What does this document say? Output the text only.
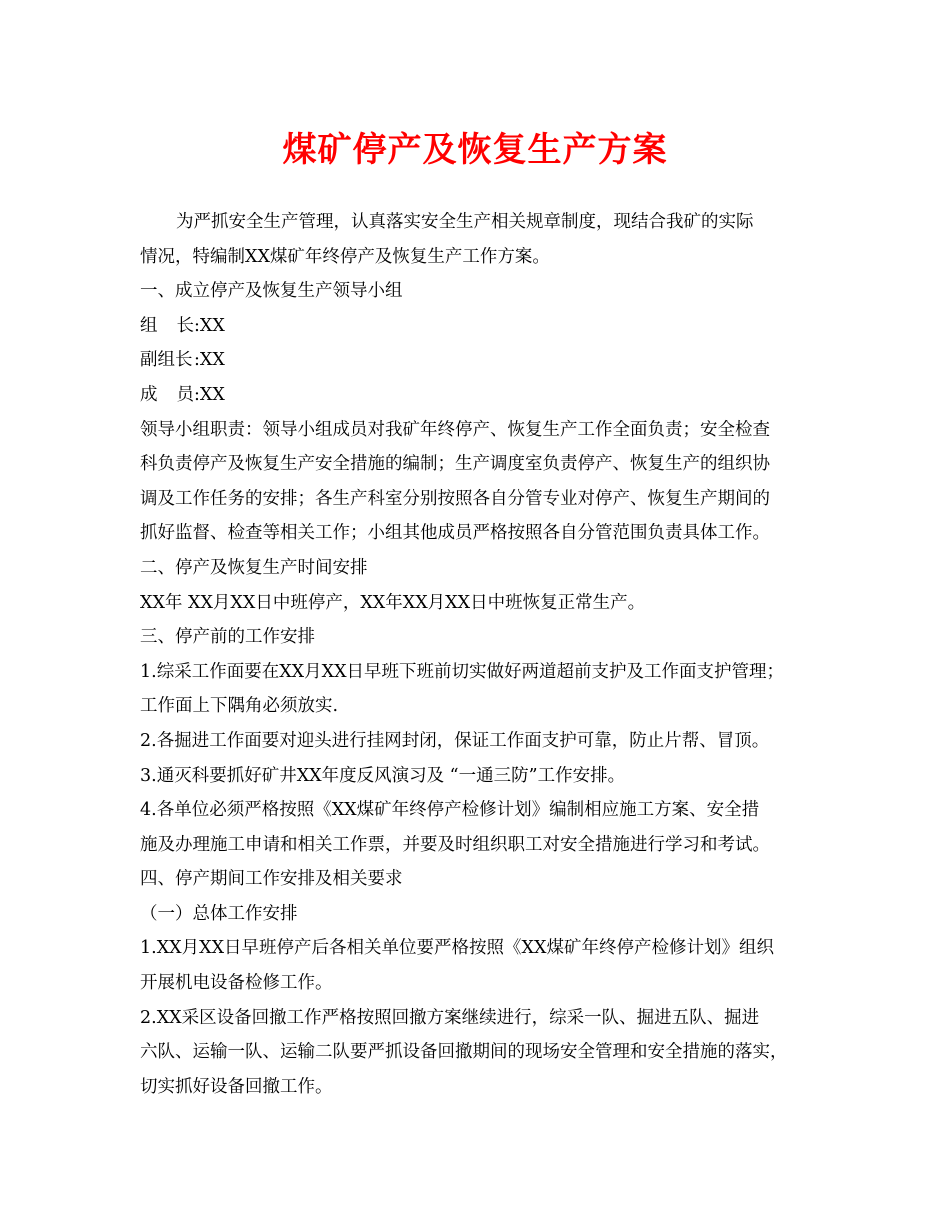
煤矿停产及恢复生产方案
为严抓安全生产管理，认真落实安全生产相关规章制度，现结合我矿的实际
情况，特编制XX煤矿年终停产及恢复生产工作方案。
一、成立停产及恢复生产领导小组
组 长 :XX
副组长:XX
成 员 :XX
领导小组职责：领导小组成员对我矿年终停产、恢复生产工作全面负责；安全检查
科负责停产及恢复生产安全措施的编制；生产调度室负责停产、恢复生产的组织协
调及工作任务的安排；各生产科室分别按照各自分管专业对停产、恢复生产期间的
抓好监督、检查等相关工作；小组其他成员严格按照各自分管范围负责具体工作。
二、停产及恢复生产时间安排
XX年 XX月XX日中班停产，XX年XX月XX日中班恢复正常生产。
三、停产前的工作安排
1.综采工作面要在XX月XX日早班下班前切实做好两道超前支护及工作面支护管理；
工作面上下隅角必须放实.
2.各掘进工作面要对迎头进行挂网封闭，保证工作面支护可靠，防止片帮、冒顶。
3.通灭科要抓好矿井XX年度反风演习及 “一通三防”工作安排。
4.各单位必须严格按照《XX煤矿年终停产检修计划》编制相应施工方案、安全措
施及办理施工申请和相关工作票，并要及时组织职工对安全措施进行学习和考试。
四、停产期间工作安排及相关要求
（一）总体工作安排
1.XX月XX日早班停产后各相关单位要严格按照《XX煤矿年终停产检修计划》组织
开展机电设备检修工作。
2.XX采区设备回撤工作严格按照回撤方案继续进行，综采一队、掘进五队、掘进
六队、运输一队、运输二队要严抓设备回撤期间的现场安全管理和安全措施的落实，
切实抓好设备回撤工作。
